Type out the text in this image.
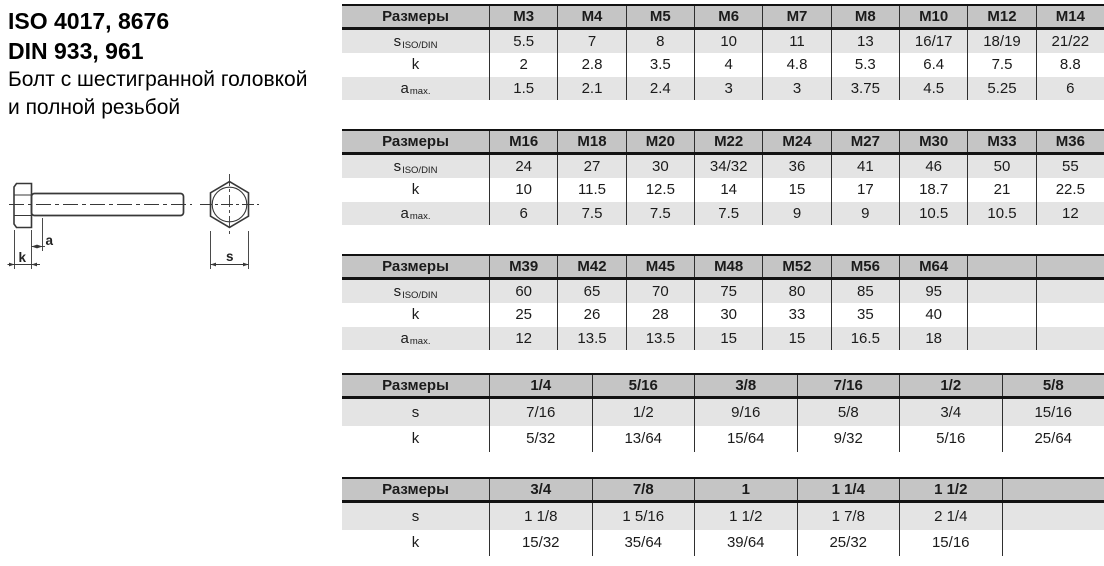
ISO 4017, 8676
DIN 933, 961
Болт с шестигранной головкой
и полной резьбой
a
k	s
Размеры	M3	M4	M5	M6	M7	M8	M10	M12	M14
s ISO/DIN	5.5	7	8	10	11	13	16/17	18/19	21/22
k	2	2.8	3.5	4	4.8	5.3	6.4	7.5	8.8
a max.	1.5	2.1	2.4	3	3	3.75	4.5	5.25	6
Размеры	M16	M18	M20	M22	M24	M27	M30	M33	M36
s ISO/DIN	24	27	30	34/32	36	41	46	50	55
k	10	11.5	12.5	14	15	17	18.7	21	22.5
a max.	6	7.5	7.5	7.5	9	9	10.5	10.5	12
Размеры	M39	M42	M45	M48	M52	M56	M64
s ISO/DIN	60	65	70	75	80	85	95
k	25	26	28	30	33	35	40
a max.	12	13.5	13.5	15	15	16.5	18
Размеры	1/4	5/16	3/8	7/16	1/2	5/8
s	7/16	1/2	9/16	5/8	3/4	15/16
k	5/32	13/64	15/64	9/32	5/16	25/64
Размеры	3/4	7/8	1	1 1/4	1 1/2
s	1 1/8	1 5/16	1 1/2	1 7/8	2 1/4
k	15/32	35/64	39/64	25/32	15/16
